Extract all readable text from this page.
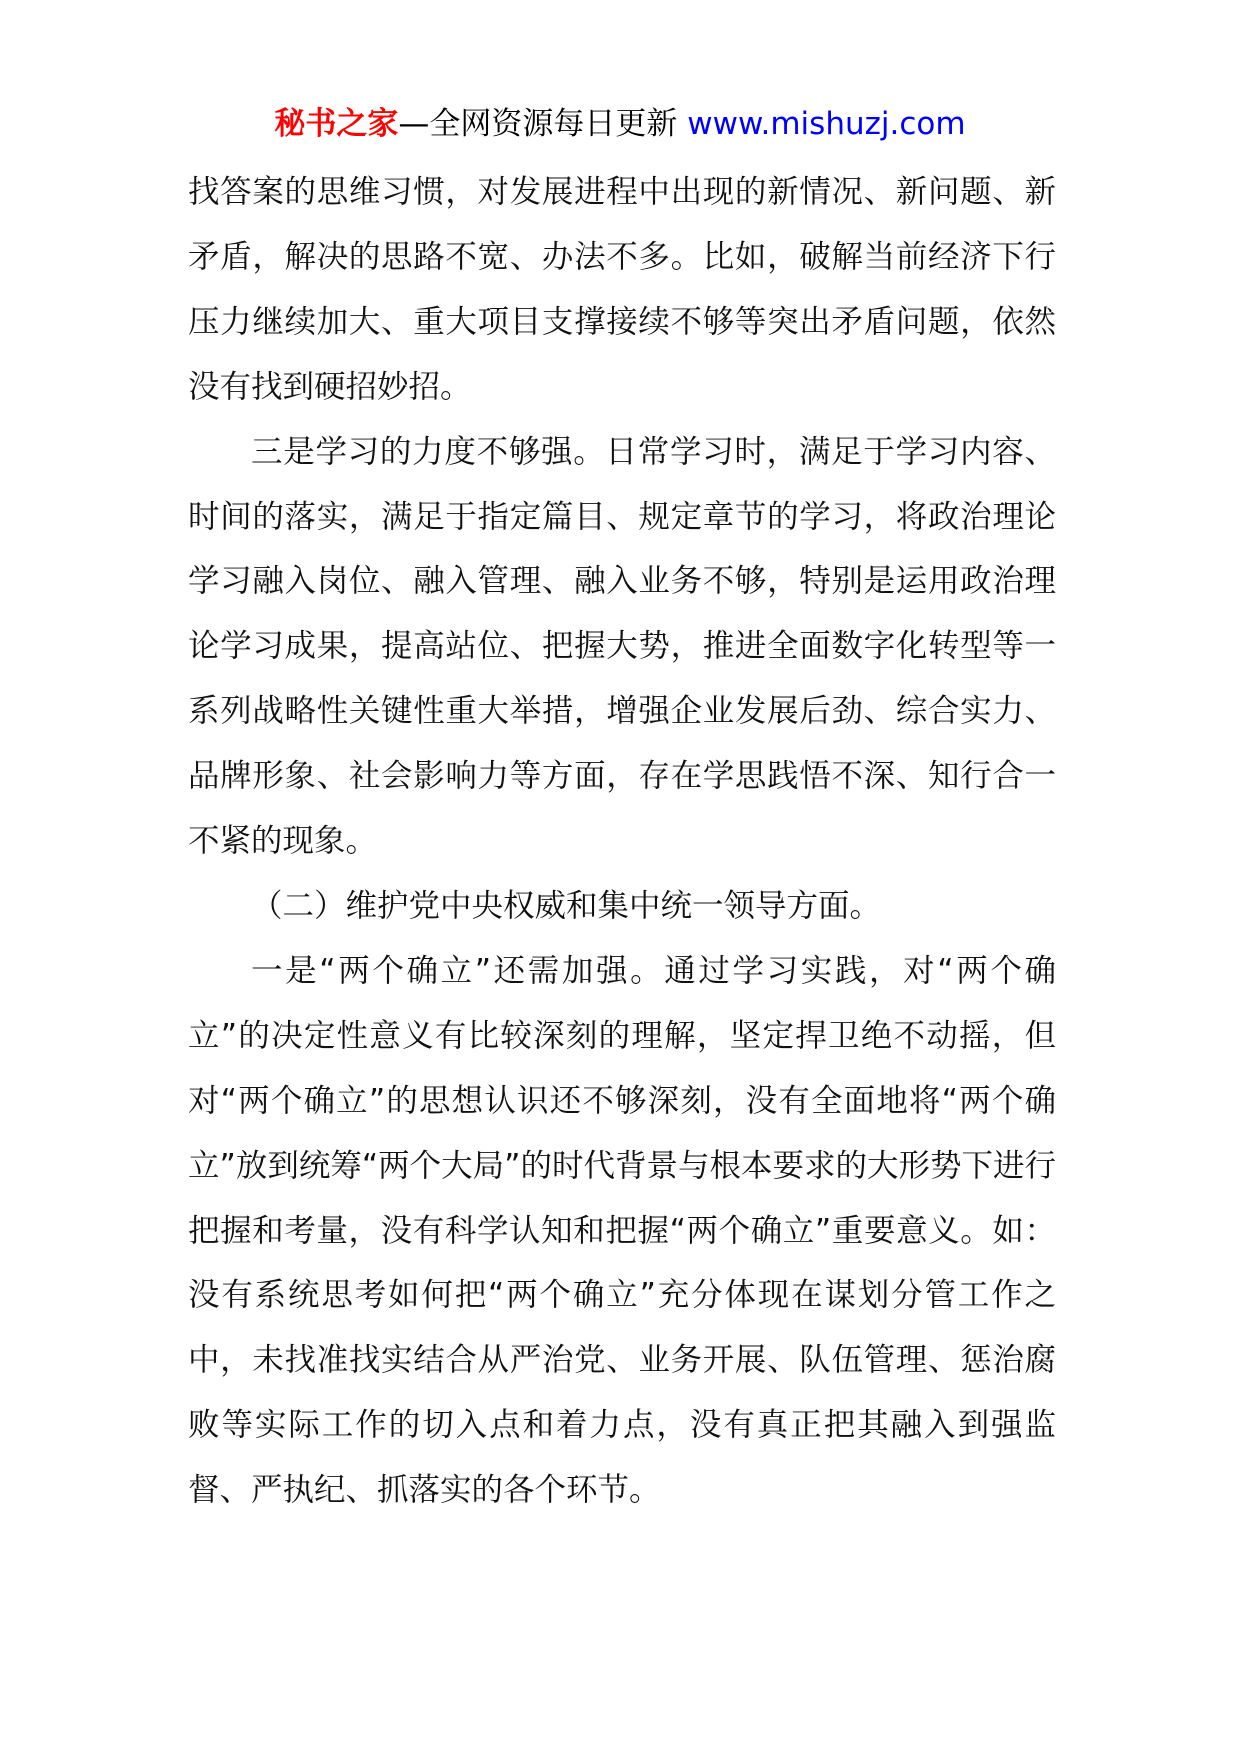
秘书之家—全网资源每日更新 www.mishuzj.com

找答案的思维习惯，对发展进程中出现的新情况、新问题、新矛盾，解决的思路不宽、办法不多。比如，破解当前经济下行压力继续加大、重大项目支撑接续不够等突出矛盾问题，依然没有找到硬招妙招。

三是学习的力度不够强。日常学习时，满足于学习内容、时间的落实，满足于指定篇目、规定章节的学习，将政治理论学习融入岗位、融入管理、融入业务不够，特别是运用政治理论学习成果，提高站位、把握大势，推进全面数字化转型等一系列战略性关键性重大举措，增强企业发展后劲、综合实力、品牌形象、社会影响力等方面，存在学思践悟不深、知行合一不紧的现象。

（二）维护党中央权威和集中统一领导方面。

一是“两个确立”还需加强。通过学习实践，对“两个确立”的决定性意义有比较深刻的理解，坚定捍卫绝不动摇，但对“两个确立”的思想认识还不够深刻，没有全面地将“两个确立”放到统筹“两个大局”的时代背景与根本要求的大形势下进行把握和考量，没有科学认知和把握“两个确立”重要意义。如：没有系统思考如何把“两个确立”充分体现在谋划分管工作之中，未找准找实结合从严治党、业务开展、队伍管理、惩治腐败等实际工作的切入点和着力点，没有真正把其融入到强监督、严执纪、抓落实的各个环节。
